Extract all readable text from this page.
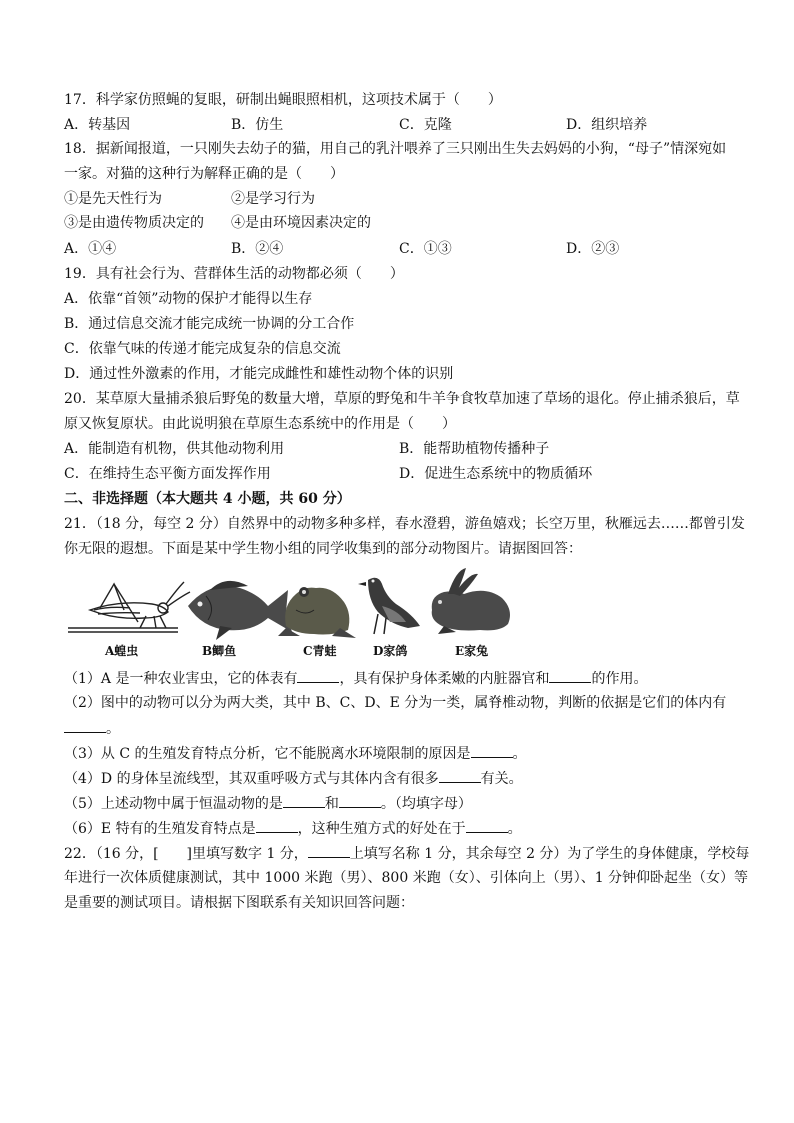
17．科学家仿照蝇的复眼，研制出蝇眼照相机，这项技术属于（　　）
A．转基因	B．仿生	C．克隆	D．组织培养
18．据新闻报道，一只刚失去幼子的猫，用自己的乳汁喂养了三只刚出生失去妈妈的小狗，“母子”情深宛如
一家。对猫的这种行为解释正确的是（　　）
①是先天性行为	②是学习行为
③是由遗传物质决定的 ④是由环境因素决定的
A．①④	B．②④	C．①③	D．②③
19．具有社会行为、营群体生活的动物都必须（　　）
A．依靠“首领”动物的保护才能得以生存
B．通过信息交流才能完成统一协调的分工合作
C．依靠气味的传递才能完成复杂的信息交流
D．通过性外激素的作用，才能完成雌性和雄性动物个体的识别
20．某草原大量捕杀狼后野兔的数量大增，草原的野兔和牛羊争食牧草加速了草场的退化。停止捕杀狼后，草
原又恢复原状。由此说明狼在草原生态系统中的作用是（　　）
A．能制造有机物，供其他动物利用	B．能帮助植物传播种子
C．在维持生态平衡方面发挥作用	D．促进生态系统中的物质循环
二、非选择题（本大题共 4 小题，共 60 分）
21．（18 分，每空 2 分）自然界中的动物多种多样，春水澄碧，游鱼嬉戏；长空万里，秋雁远去……都曾引发
你无限的遐想。下面是某中学生物小组的同学收集到的部分动物图片。请据图回答：
A蝗虫	B鲫鱼	C青蛙	D家鸽	E家兔
（1）A 是一种农业害虫，它的体表有	，具有保护身体柔嫩的内脏器官和	的作用。
（2）图中的动物可以分为两大类，其中 B、C、D、E 分为一类，属脊椎动物，判断的依据是它们的体内有
。
（3）从 C 的生殖发育特点分析，它不能脱离水环境限制的原因是	。
（4）D 的身体呈流线型，其双重呼吸方式与其体内含有很多	有关。
（5）上述动物中属于恒温动物的是	和	。（均填字母）
（6）E 特有的生殖发育特点是	，这种生殖方式的好处在于	。
22．（16 分，[　　]里填写数字 1 分，	上填写名称 1 分，其余每空 2 分）为了学生的身体健康，学校每
年进行一次体质健康测试，其中 1000 米跑（男）、800 米跑（女）、引体向上（男）、1 分钟仰卧起坐（女）等
是重要的测试项目。请根据下图联系有关知识回答问题：
